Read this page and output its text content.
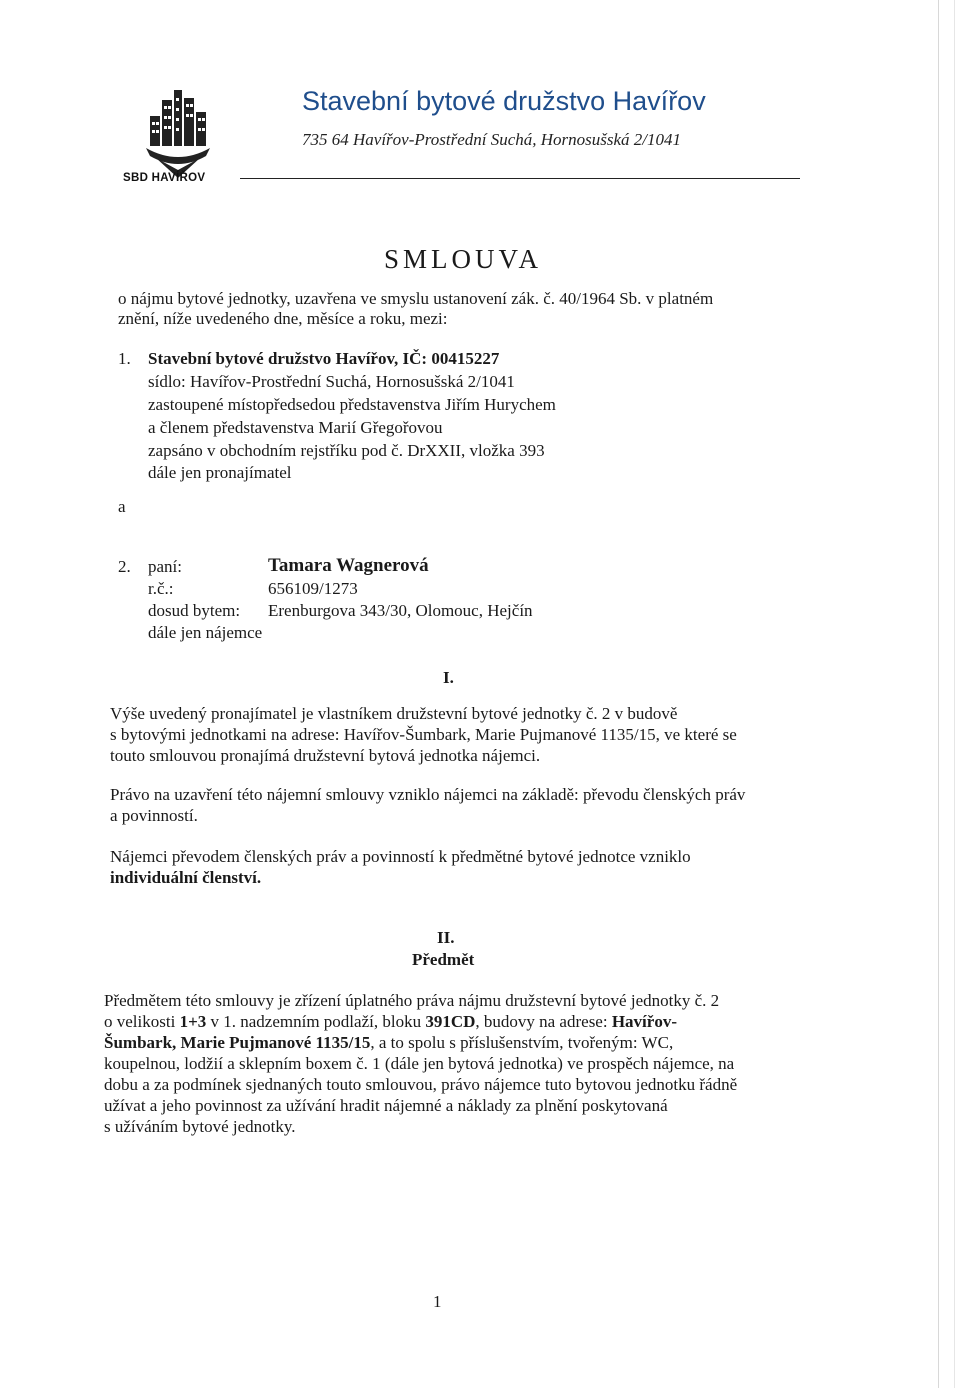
SBD HAVÍŘOV
Stavební bytové družstvo Havířov
735 64 Havířov-Prostřední Suchá, Hornosušská 2/1041
SMLOUVA
o nájmu bytové jednotky, uzavřena ve smyslu ustanovení zák. č. 40/1964 Sb. v platném
znění, níže uvedeného dne, měsíce a roku, mezi:
1. Stavební bytové družstvo Havířov, IČ: 00415227
sídlo: Havířov-Prostřední Suchá, Hornosušská 2/1041
zastoupené místopředsedou představenstva Jiřím Hurychem
a členem představenstva Marií Gřegořovou
zapsáno v obchodním rejstříku pod č. DrXXII, vložka 393
dále jen pronajímatel
a
2. paní:	Tamara Wagnerová
r.č.:	656109/1273
dosud bytem: Erenburgova 343/30, Olomouc, Hejčín
dále jen nájemce
I.
Výše uvedený pronajímatel je vlastníkem družstevní bytové jednotky č. 2 v budově
s bytovými jednotkami na adrese: Havířov-Šumbark, Marie Pujmanové 1135/15, ve které se
touto smlouvou pronajímá družstevní bytová jednotka nájemci.
Právo na uzavření této nájemní smlouvy vzniklo nájemci na základě: převodu členských práv
a povinností.
Nájemci převodem členských práv a povinností k předmětné bytové jednotce vzniklo
individuální členství.
II.
Předmět
Předmětem této smlouvy je zřízení úplatného práva nájmu družstevní bytové jednotky č. 2
o velikosti 1+3 v 1. nadzemním podlaží, bloku 391CD, budovy na adrese: Havířov-
Šumbark, Marie Pujmanové 1135/15, a to spolu s příslušenstvím, tvořeným: WC,
koupelnou, lodžií a sklepním boxem č. 1 (dále jen bytová jednotka) ve prospěch nájemce, na
dobu a za podmínek sjednaných touto smlouvou, právo nájemce tuto bytovou jednotku řádně
užívat a jeho povinnost za užívání hradit nájemné a náklady za plnění poskytovaná
s užíváním bytové jednotky.
1
